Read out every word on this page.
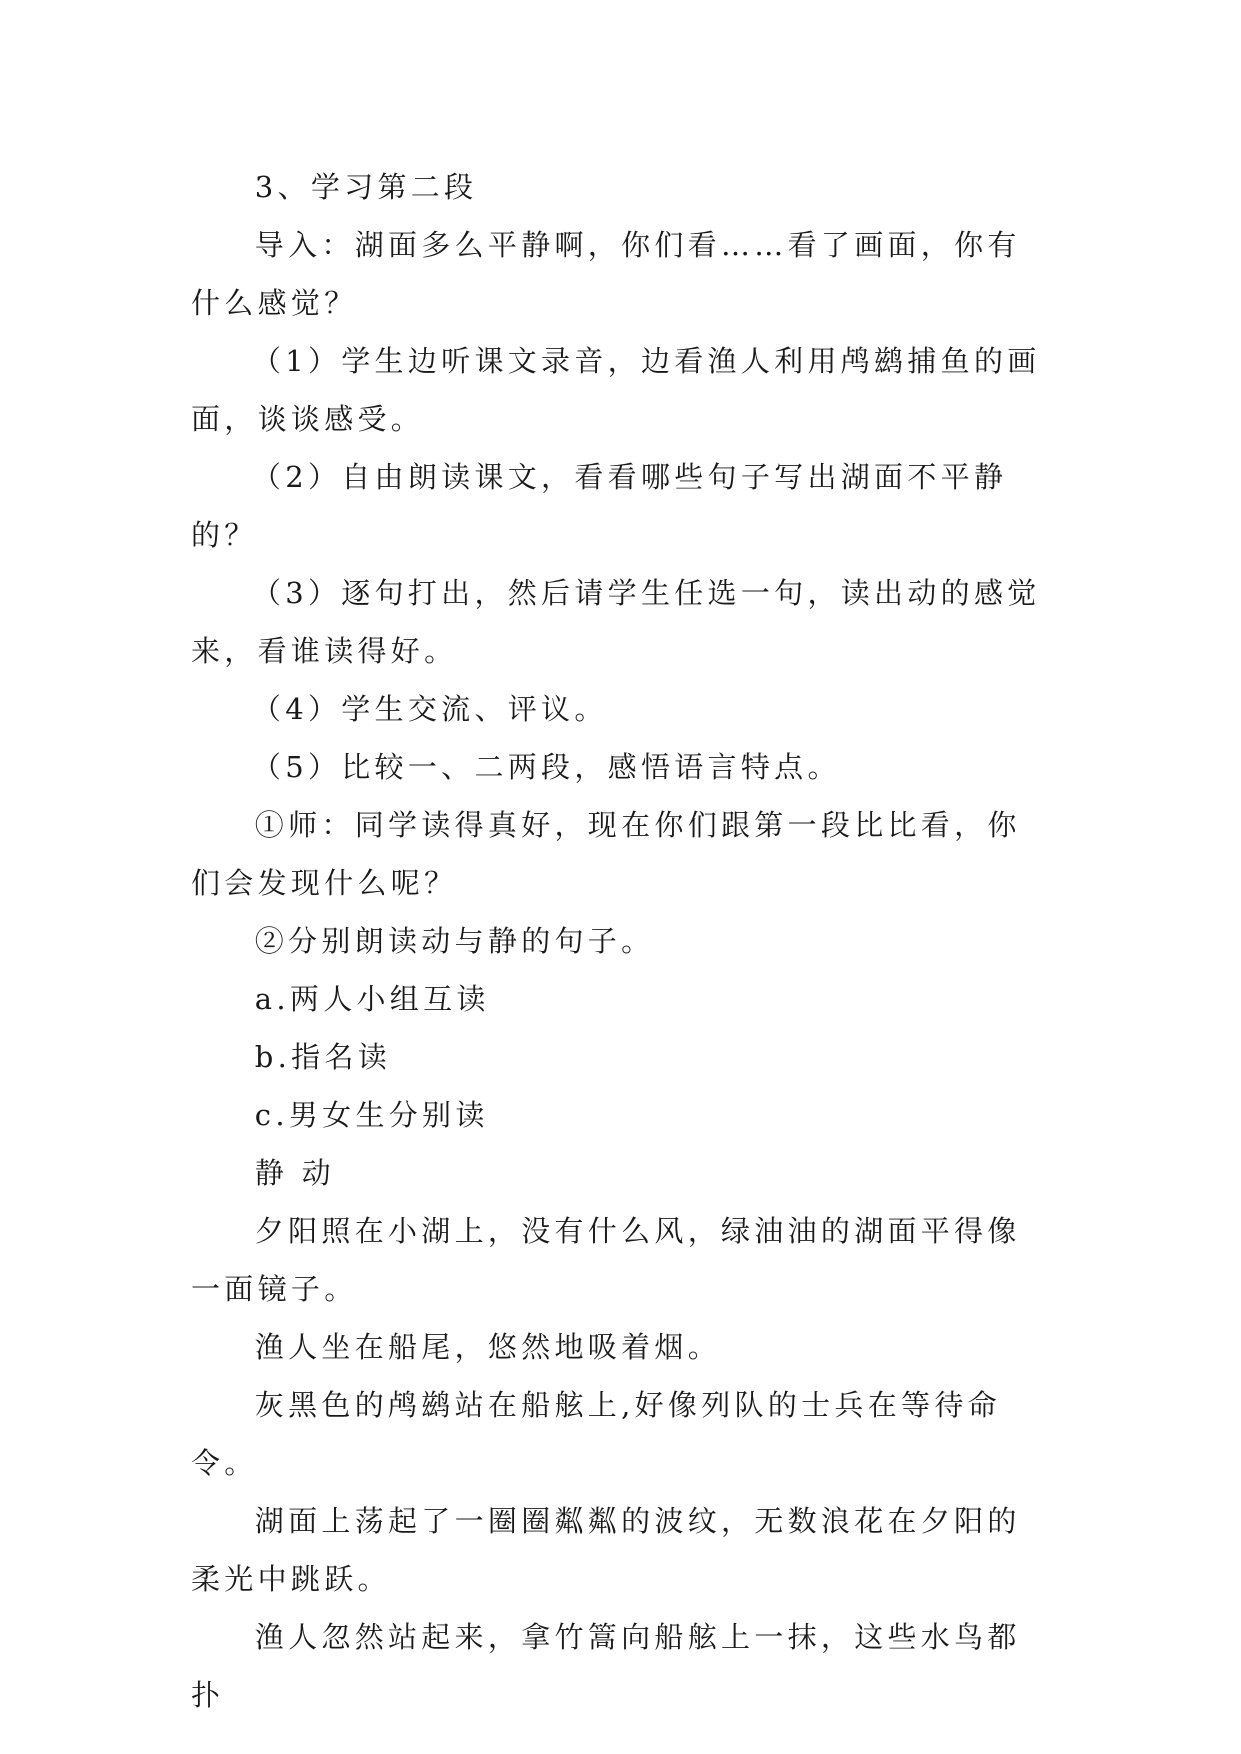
3、学习第二段

导入：湖面多么平静啊，你们看……看了画面，你有什么感觉？

（1）学生边听课文录音，边看渔人利用鸬鹚捕鱼的画面，谈谈感受。

（2）自由朗读课文，看看哪些句子写出湖面不平静的？

（3）逐句打出，然后请学生任选一句，读出动的感觉来，看谁读得好。

（4）学生交流、评议。

（5）比较一、二两段，感悟语言特点。

①师：同学读得真好，现在你们跟第一段比比看，你们会发现什么呢？

②分别朗读动与静的句子。

a.两人小组互读

b.指名读

c.男女生分别读

静 动

夕阳照在小湖上，没有什么风，绿油油的湖面平得像一面镜子。

渔人坐在船尾，悠然地吸着烟。

灰黑色的鸬鹚站在船舷上,好像列队的士兵在等待命令。

湖面上荡起了一圈圈粼粼的波纹，无数浪花在夕阳的柔光中跳跃。

渔人忽然站起来，拿竹篙向船舷上一抹，这些水鸟都扑
